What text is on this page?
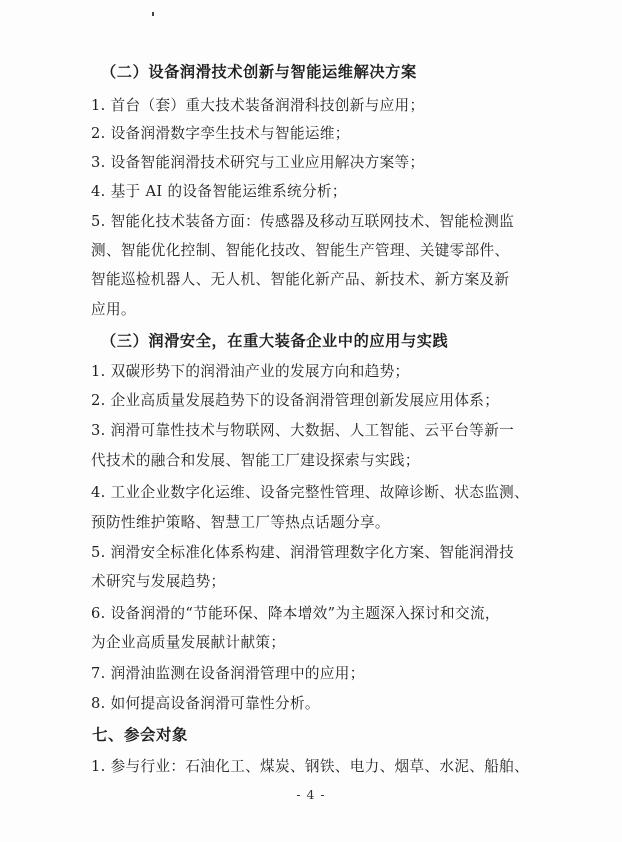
（二）设备润滑技术创新与智能运维解决方案
1. 首台（套）重大技术装备润滑科技创新与应用；
2. 设备润滑数字孪生技术与智能运维；
3. 设备智能润滑技术研究与工业应用解决方案等；
4. 基于 AI 的设备智能运维系统分析；
5. 智能化技术装备方面：传感器及移动互联网技术、智能检测监
测、智能优化控制、智能化技改、智能生产管理、关键零部件、
智能巡检机器人、无人机、智能化新产品、新技术、新方案及新
应用。
（三）润滑安全，在重大装备企业中的应用与实践
1. 双碳形势下的润滑油产业的发展方向和趋势；
2. 企业高质量发展趋势下的设备润滑管理创新发展应用体系；
3. 润滑可靠性技术与物联网、大数据、人工智能、云平台等新一
代技术的融合和发展、智能工厂建设探索与实践；
4. 工业企业数字化运维、设备完整性管理、故障诊断、状态监测、
预防性维护策略、智慧工厂等热点话题分享。
5. 润滑安全标准化体系构建、润滑管理数字化方案、智能润滑技
术研究与发展趋势；
6. 设备润滑的“节能环保、降本增效”为主题深入探讨和交流，
为企业高质量发展献计献策；
7. 润滑油监测在设备润滑管理中的应用；
8. 如何提高设备润滑可靠性分析。
七、参会对象
1. 参与行业：石油化工、煤炭、钢铁、电力、烟草、水泥、船舶、
- 4 -
